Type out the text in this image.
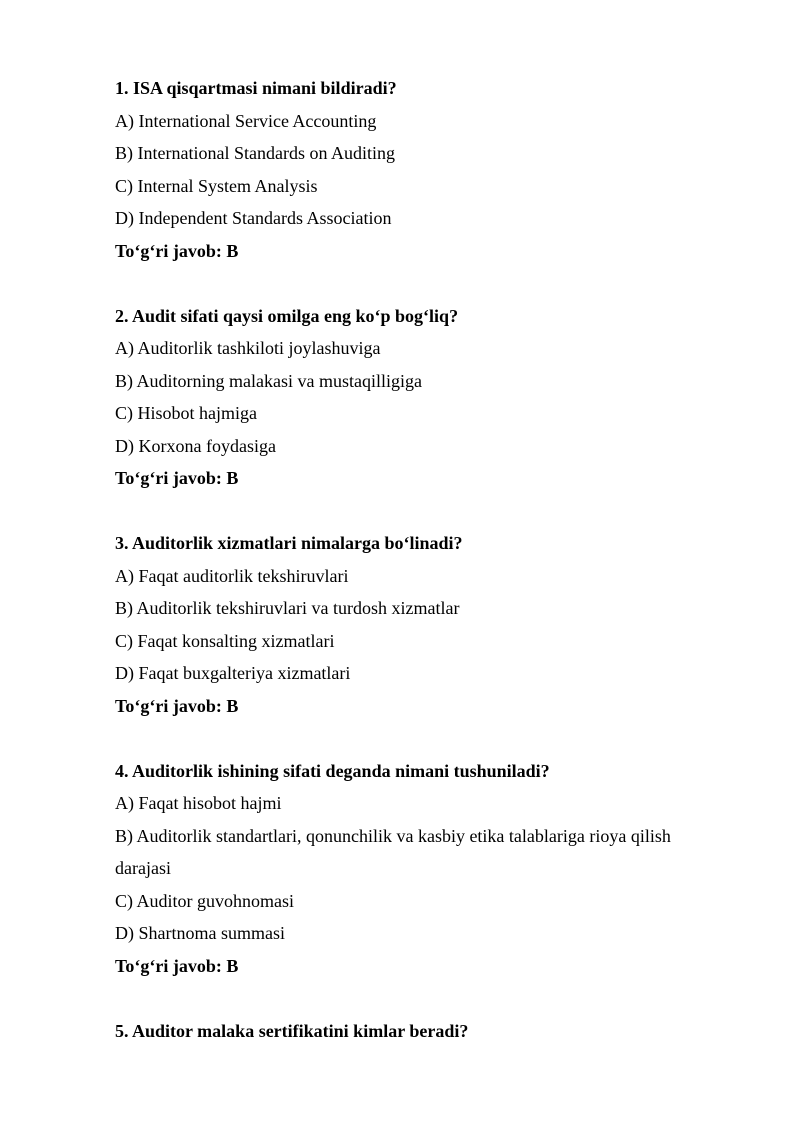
1. ISA qisqartmasi nimani bildiradi?

A) International Service Accounting

B) International Standards on Auditing

C) Internal System Analysis

D) Independent Standards Association

To‘g‘ri javob: B

2. Audit sifati qaysi omilga eng ko‘p bog‘liq?

A) Auditorlik tashkiloti joylashuviga

B) Auditorning malakasi va mustaqilligiga

C) Hisobot hajmiga

D) Korxona foydasiga

To‘g‘ri javob: B

3. Auditorlik xizmatlari nimalarga bo‘linadi?

A) Faqat auditorlik tekshiruvlari

B) Auditorlik tekshiruvlari va turdosh xizmatlar

C) Faqat konsalting xizmatlari

D) Faqat buxgalteriya xizmatlari

To‘g‘ri javob: B

4. Auditorlik ishining sifati deganda nimani tushuniladi?

A) Faqat hisobot hajmi

B) Auditorlik standartlari, qonunchilik va kasbiy etika talablariga rioya qilish darajasi

C) Auditor guvohnomasi

D) Shartnoma summasi

To‘g‘ri javob: B

5. Auditor malaka sertifikatini kimlar beradi?
